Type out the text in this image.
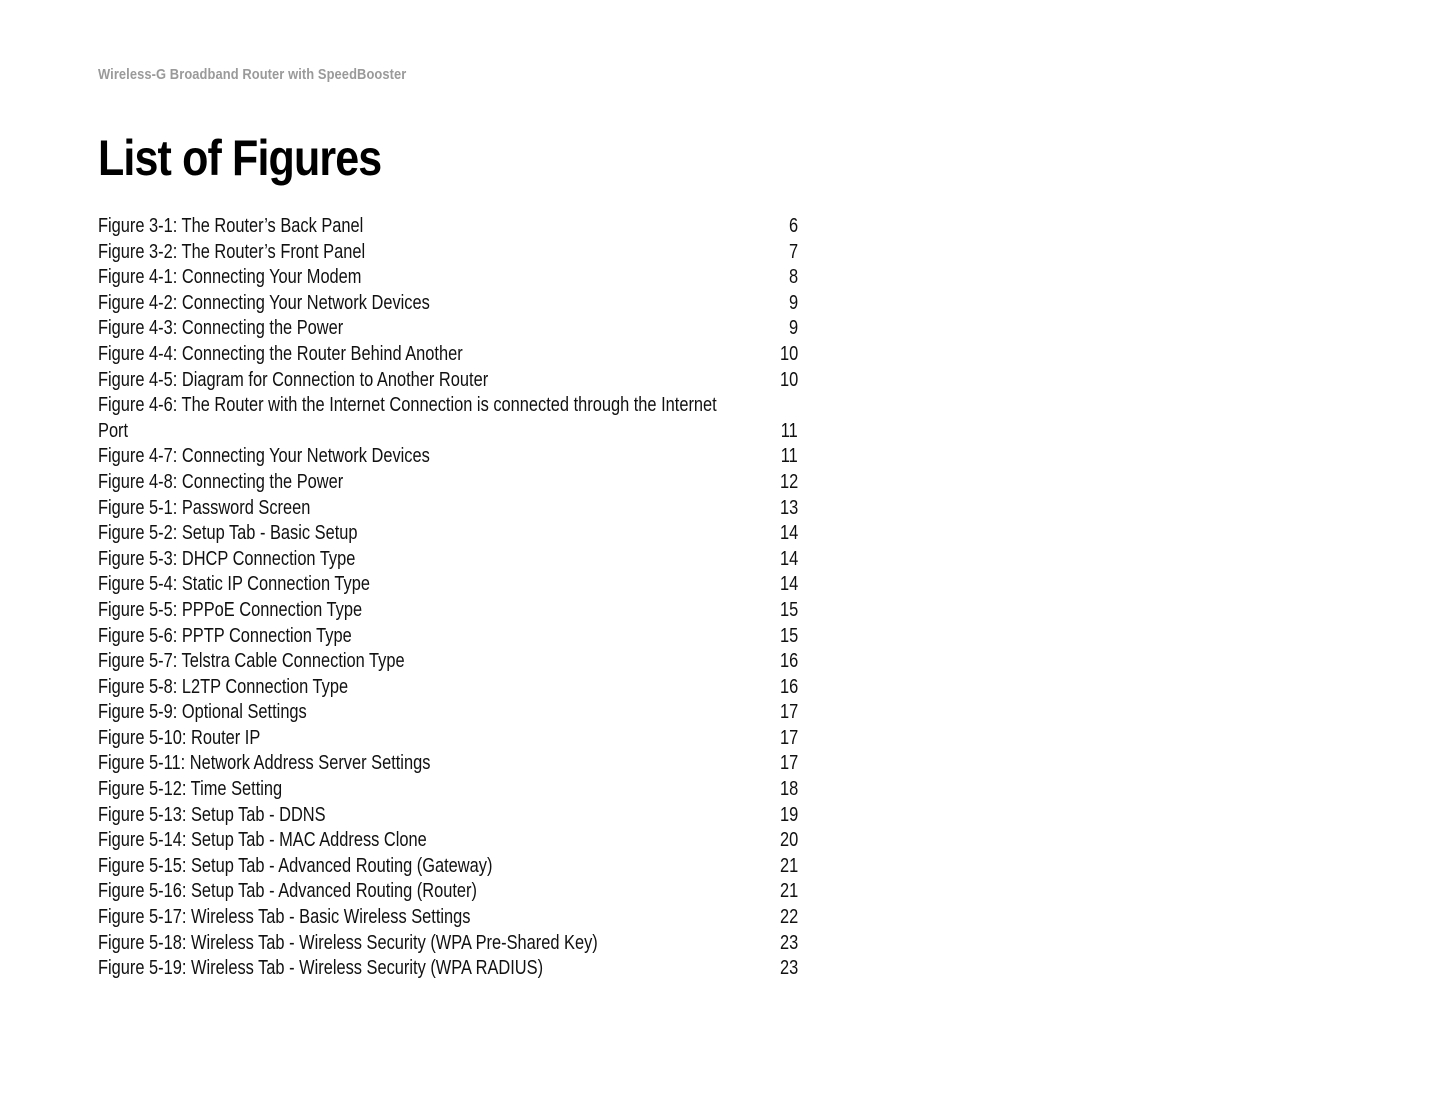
Wireless-G Broadband Router with SpeedBooster
List of Figures
Figure 3-1: The Router’s Back Panel	6
Figure 3-2: The Router’s Front Panel	7
Figure 4-1: Connecting Your Modem	8
Figure 4-2: Connecting Your Network Devices	9
Figure 4-3: Connecting the Power	9
Figure 4-4: Connecting the Router Behind Another	10
Figure 4-5: Diagram for Connection to Another Router	10
Figure 4-6: The Router with the Internet Connection is connected through the Internet Port	11
Figure 4-7: Connecting Your Network Devices	11
Figure 4-8: Connecting the Power	12
Figure 5-1: Password Screen	13
Figure 5-2: Setup Tab - Basic Setup	14
Figure 5-3: DHCP Connection Type	14
Figure 5-4: Static IP Connection Type	14
Figure 5-5: PPPoE Connection Type	15
Figure 5-6: PPTP Connection Type	15
Figure 5-7: Telstra Cable Connection Type	16
Figure 5-8: L2TP Connection Type	16
Figure 5-9: Optional Settings	17
Figure 5-10: Router IP	17
Figure 5-11: Network Address Server Settings	17
Figure 5-12: Time Setting	18
Figure 5-13: Setup Tab - DDNS	19
Figure 5-14: Setup Tab - MAC Address Clone	20
Figure 5-15: Setup Tab - Advanced Routing (Gateway)	21
Figure 5-16: Setup Tab - Advanced Routing (Router)	21
Figure 5-17: Wireless Tab - Basic Wireless Settings	22
Figure 5-18: Wireless Tab - Wireless Security (WPA Pre-Shared Key)	23
Figure 5-19: Wireless Tab - Wireless Security (WPA RADIUS)	23
